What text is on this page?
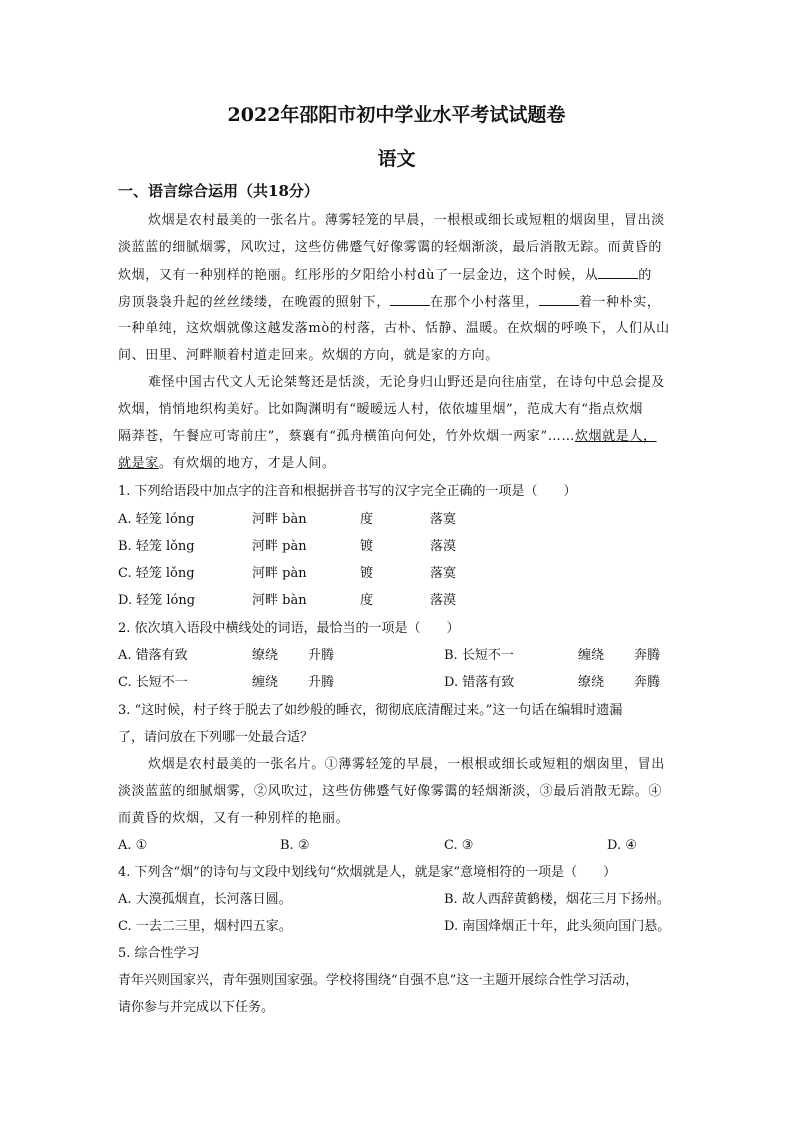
2022年邵阳市初中学业水平考试试题卷
语文
一、语言综合运用（共18分）
炊烟是农村最美的一张名片。薄雾轻笼的早晨，一根根或细长或短粗的烟囱里，冒出淡
淡蓝蓝的细腻烟雾，风吹过，这些仿佛蹙气好像雾霭的轻烟渐淡，最后消散无踪。而黄昏的
炊烟，又有一种别样的艳丽。红彤彤的夕阳给小村dù了一层金边，这个时候，从	的
房顶袅袅升起的丝丝缕缕，在晚霞的照射下，	在那个小村落里，	着一种朴实，
一种单纯，这炊烟就像这越发落mò的村落，古朴、恬静、温暖。在炊烟的呼唤下，人们从山
间、田里、河畔顺着村道走回来。炊烟的方向，就是家的方向。
难怪中国古代文人无论桀骜还是恬淡，无论身归山野还是向往庙堂，在诗句中总会提及
炊烟，悄悄地织构美好。比如陶渊明有“暧暧远人村，依依墟里烟”，范成大有“指点炊烟
隔莽苍，午餐应可寄前庄”，蔡襄有“孤舟横笛向何处，竹外炊烟一两家”……炊烟就是人，
就是家。有炊烟的地方，才是人间。
1. 下列给语段中加点字的注音和根据拼音书写的汉字完全正确的一项是（　　）
A. 轻笼 lóng	河畔 bàn	度	落寞
B. 轻笼 lǒng	河畔 pàn	镀	落漠
C. 轻笼 lǒng	河畔 pàn	镀	落寞
D. 轻笼 lóng	河畔 bàn	度	落漠
2. 依次填入语段中横线处的词语，最恰当的一项是（　　）
A. 错落有致	缭绕 升腾	B. 长短不一	缠绕 奔腾
C. 长短不一	缠绕 升腾	D. 错落有致	缭绕 奔腾
3. “这时候，村子终于脱去了如纱般的睡衣，彻彻底底清醒过来。”这一句话在编辑时遗漏
了，请问放在下列哪一处最合适？
炊烟是农村最美的一张名片。①薄雾轻笼的早晨，一根根或细长或短粗的烟囱里，冒出
淡淡蓝蓝的细腻烟雾，②风吹过，这些仿佛蹙气好像雾霭的轻烟渐淡，③最后消散无踪。④
而黄昏的炊烟，又有一种别样的艳丽。
A. ①	B. ②	C. ③	D. ④
4. 下列含“烟”的诗句与文段中划线句“炊烟就是人，就是家”意境相符的一项是（　　）
A. 大漠孤烟直，长河落日圆。	B. 故人西辞黄鹤楼，烟花三月下扬州。
C. 一去二三里，烟村四五家。	D. 南国烽烟正十年，此头须向国门悬。
5. 综合性学习
青年兴则国家兴，青年强则国家强。学校将围绕“自强不息”这一主题开展综合性学习活动，
请你参与并完成以下任务。
